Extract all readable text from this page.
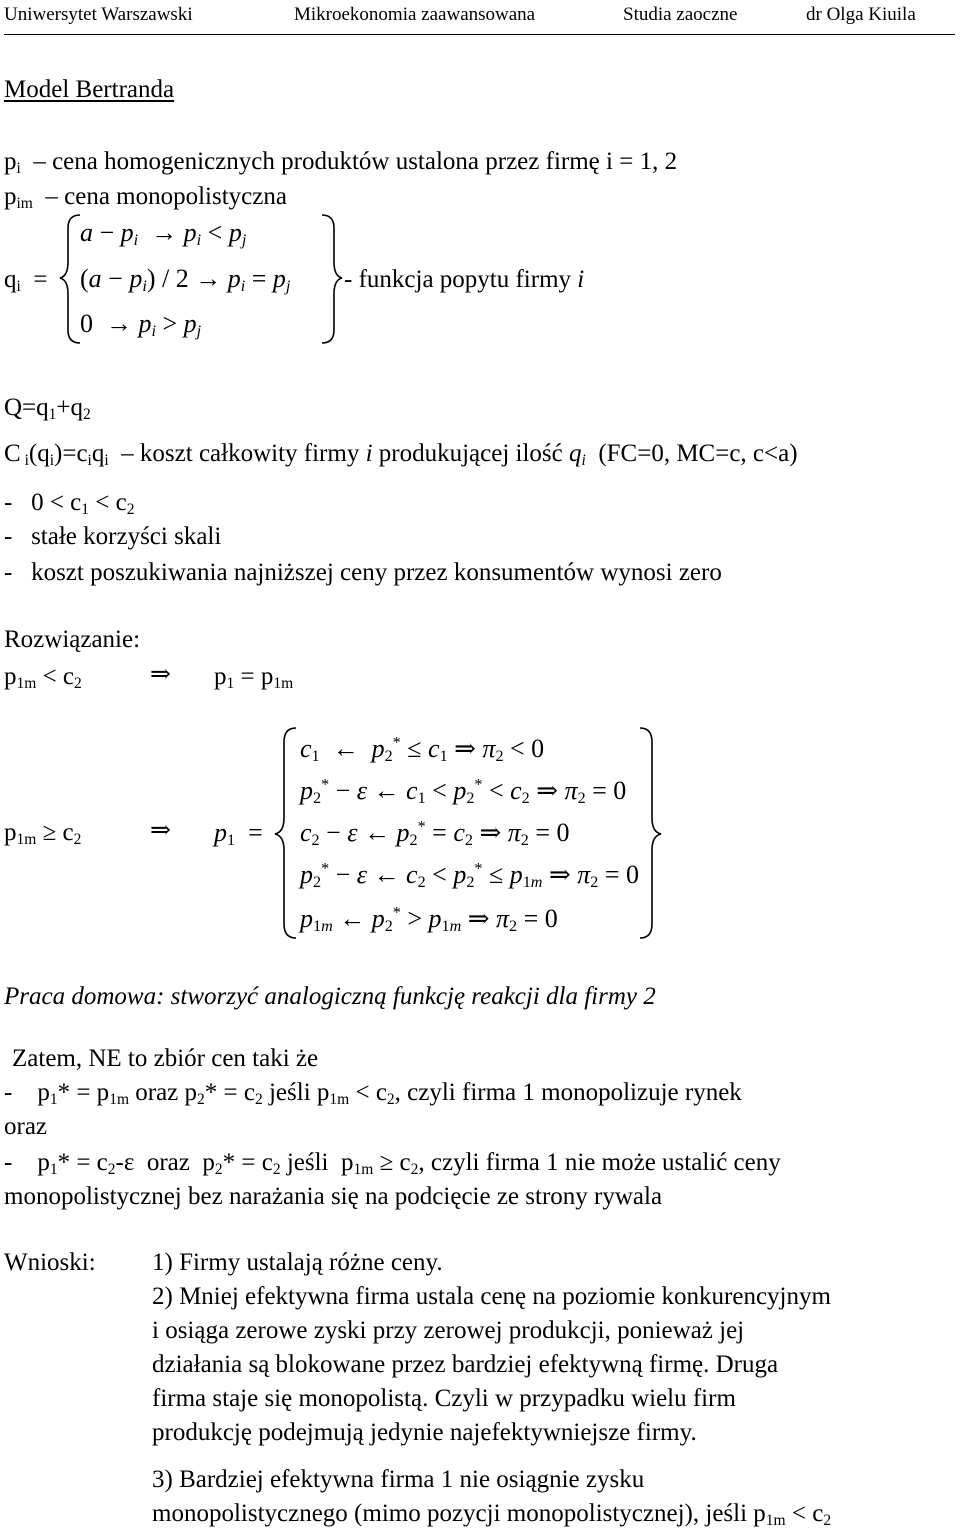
Uniwersytet Warszawski	Mikroekonomia zaawansowana	Studia zaoczne	dr Olga Kiuila
Model Bertranda
$p_i$  – cena homogenicznych produktów ustalona przez firmę i = 1, 2
$p_{im}$  – cena monopolistyczna
$q_i$  =
$a - p_i \to p_i < p_j$
$(a - p_i) / 2 \to p_i = p_j$
$0 \to p_i > p_j$
- funkcja popytu firmy i
$Q=q_1+q_2$
C $_i(q_i)=c_iq_i$  – koszt całkowity firmy i produkującej ilość $q_i$ (FC=0, MC=c, c<a)
-   $0 < c_1 < c_2$
-   stałe korzyści skali
-   koszt poszukiwania najniższej ceny przez konsumentów wynosi zero
Rozwiązanie:
$p_{1m} < c_2$	⇒ $p_1 = p_{1m}$
$p_{1m} \ge c_2$	⇒ $p_1$  =
$c_1$  ←  $p_2^* \le c_1$ ⇒ $\pi_2 < 0$
$p_2^* - \varepsilon$ ← $c_1 < p_2^* < c_2$ ⇒ $\pi_2 = 0$
$c_2 - \varepsilon$ ← $p_2^* = c_2$ ⇒ $\pi_2 = 0$
$p_2^* - \varepsilon$ ← $c_2 < p_2^* \le p_{1m}$ ⇒ $\pi_2 = 0$
$p_{1m}$ ← $p_2^* > p_{1m}$ ⇒ $\pi_2 = 0$
Praca domowa: stworzyć analogiczną funkcję reakcji dla firmy 2
Zatem, NE to zbiór cen taki że
-    $p_1* = p_{1m}$ oraz $p_2* = c_2$ jeśli $p_{1m} < c_2$, czyli firma 1 monopolizuje rynek
oraz
-    $p_1* = c_2-\varepsilon$  oraz  $p_2* = c_2$ jeśli  $p_{1m} \ge c_2$, czyli firma 1 nie może ustalić ceny
monopolistycznej bez narażania się na podcięcie ze strony rywala
Wnioski: 1) Firmy ustalają różne ceny.
2) Mniej efektywna firma ustala cenę na poziomie konkurencyjnym
i osiąga zerowe zyski przy zerowej produkcji, ponieważ jej
działania są blokowane przez bardziej efektywną firmę. Druga
firma staje się monopolistą. Czyli w przypadku wielu firm
produkcję podejmują jedynie najefektywniejsze firmy.
3) Bardziej efektywna firma 1 nie osiągnie zysku
monopolistycznego (mimo pozycji monopolistycznej), jeśli $p_{1m} < c_2$
